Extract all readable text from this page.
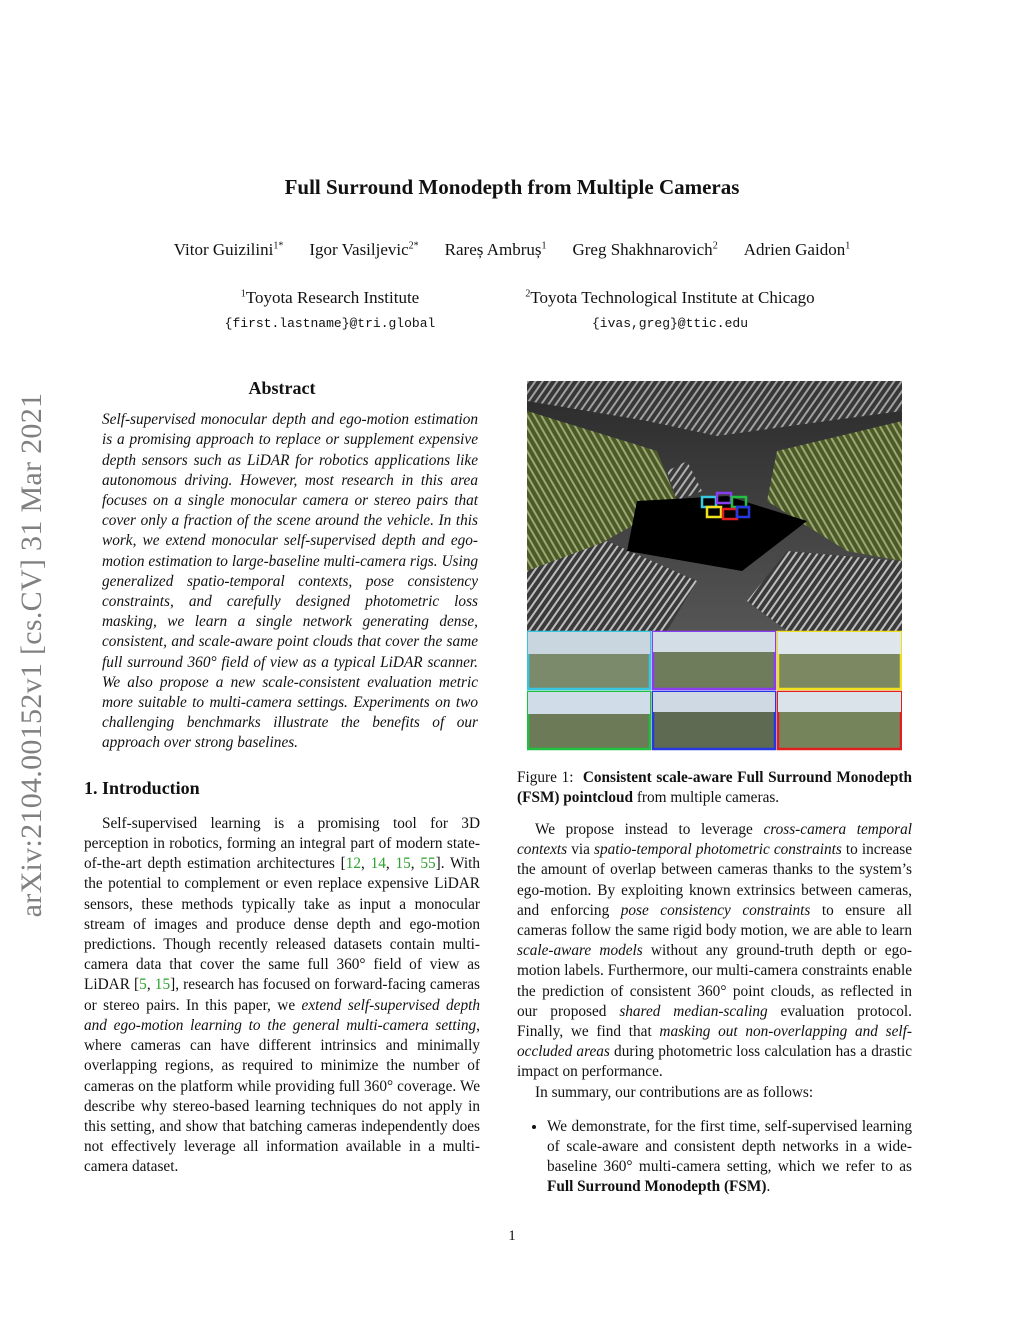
Full Surround Monodepth from Multiple Cameras
Vitor Guizilini$^{1*}$ Igor Vasiljevic$^{2*}$ Rareș Ambruș$^1$ Greg Shakhnarovich$^2$ Adrien Gaidon$^1$
$^1$Toyota Research Institute
{first.lastname}@tri.global
$^2$Toyota Technological Institute at Chicago
{ivas,greg}@ttic.edu
arXiv:2104.00152v1 [cs.CV] 31 Mar 2021
Abstract

Self-supervised monocular depth and ego-motion estimation is a promising approach to replace or supplement expensive depth sensors such as LiDAR for robotics applications like autonomous driving. However, most research in this area focuses on a single monocular camera or stereo pairs that cover only a fraction of the scene around the vehicle. In this work, we extend monocular self-supervised depth and ego-motion estimation to large-baseline multi-camera rigs. Using generalized spatio-temporal contexts, pose consistency constraints, and carefully designed photometric loss masking, we learn a single network generating dense, consistent, and scale-aware point clouds that cover the same full surround 360° field of view as a typical LiDAR scanner. We also propose a new scale-consistent evaluation metric more suitable to multi-camera settings. Experiments on two challenging benchmarks illustrate the benefits of our approach over strong baselines.

1. Introduction

Self-supervised learning is a promising tool for 3D perception in robotics, forming an integral part of modern state-of-the-art depth estimation architectures [12, 14, 15, 55]. With the potential to complement or even replace expensive LiDAR sensors, these methods typically take as input a monocular stream of images and produce dense depth and ego-motion predictions. Though recently released datasets contain multi-camera data that cover the same full 360° field of view as LiDAR [5, 15], research has focused on forward-facing cameras or stereo pairs. In this paper, we extend self-supervised depth and ego-motion learning to the general multi-camera setting, where cameras can have different intrinsics and minimally overlapping regions, as required to minimize the number of cameras on the platform while providing full 360° coverage. We describe why stereo-based learning techniques do not apply in this setting, and show that batching cameras independently does not effectively leverage all information available in a multi-camera dataset.

Figure 1: Consistent scale-aware Full Surround Monodepth (FSM) pointcloud from multiple cameras.

We propose instead to leverage cross-camera temporal contexts via spatio-temporal photometric constraints to increase the amount of overlap between cameras thanks to the system’s ego-motion. By exploiting known extrinsics between cameras, and enforcing pose consistency constraints to ensure all cameras follow the same rigid body motion, we are able to learn scale-aware models without any ground-truth depth or ego-motion labels. Furthermore, our multi-camera constraints enable the prediction of consistent 360° point clouds, as reflected in our proposed shared median-scaling evaluation protocol. Finally, we find that masking out non-overlapping and self-occluded areas during photometric loss calculation has a drastic impact on performance.

In summary, our contributions are as follows:

• We demonstrate, for the first time, self-supervised learning of scale-aware and consistent depth networks in a wide-baseline 360° multi-camera setting, which we refer to as Full Surround Monodepth (FSM).
1
